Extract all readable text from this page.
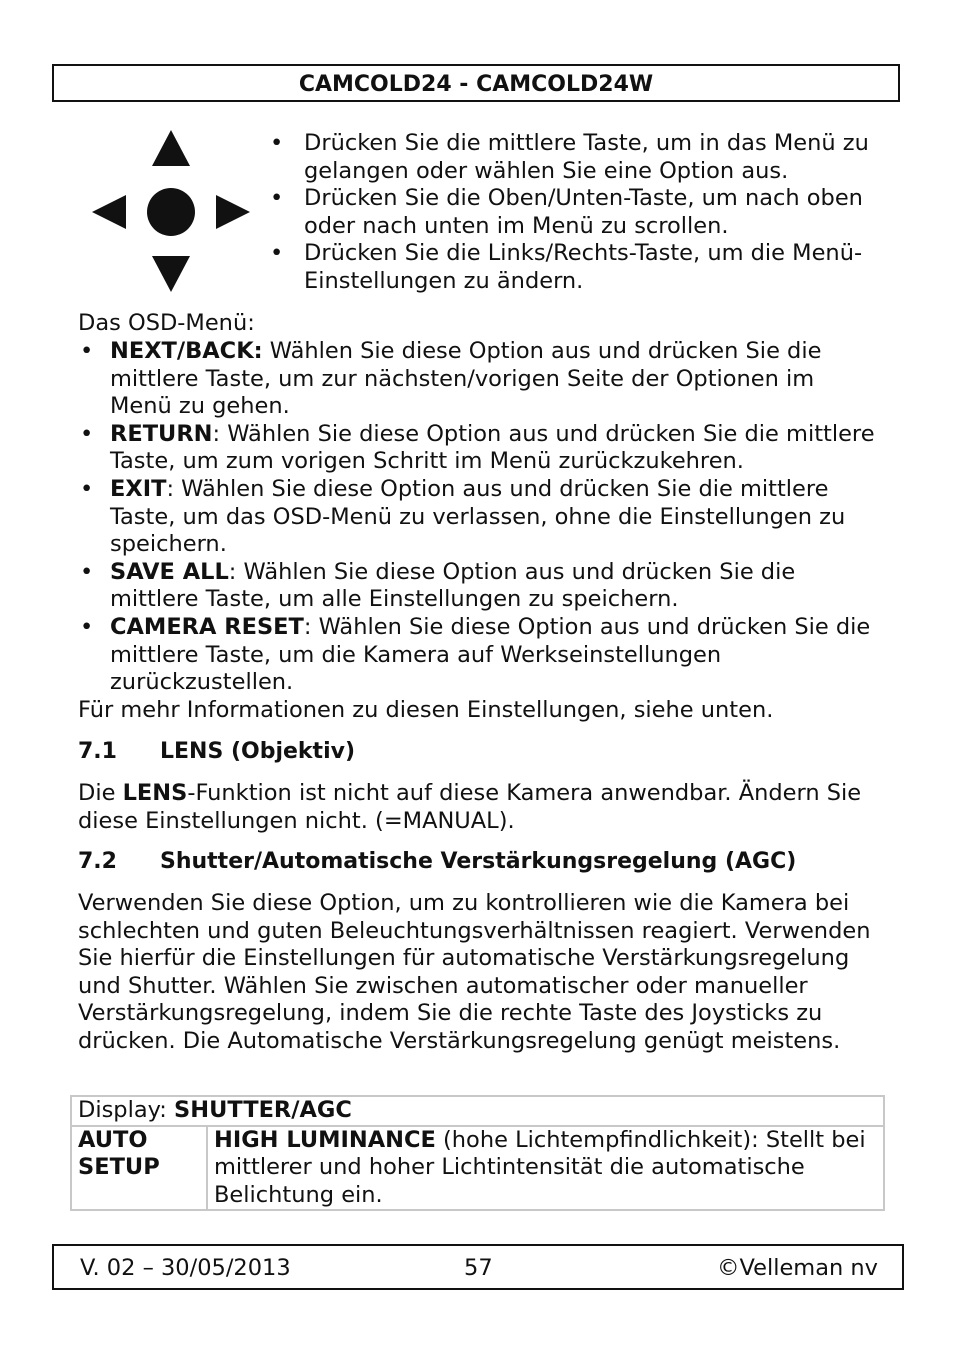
CAMCOLD24 - CAMCOLD24W
• Drücken Sie die mittlere Taste, um in das Menü zu gelangen oder wählen Sie eine Option aus.
• Drücken Sie die Oben/Unten-Taste, um nach oben oder nach unten im Menü zu scrollen.
• Drücken Sie die Links/Rechts-Taste, um die Menü-Einstellungen zu ändern.

Das OSD-Menü:

• NEXT/BACK: Wählen Sie diese Option aus und drücken Sie die mittlere Taste, um zur nächsten/vorigen Seite der Optionen im Menü zu gehen.
• RETURN: Wählen Sie diese Option aus und drücken Sie die mittlere Taste, um zum vorigen Schritt im Menü zurückzukehren.
• EXIT: Wählen Sie diese Option aus und drücken Sie die mittlere Taste, um das OSD-Menü zu verlassen, ohne die Einstellungen zu speichern.
• SAVE ALL: Wählen Sie diese Option aus und drücken Sie die mittlere Taste, um alle Einstellungen zu speichern.
• CAMERA RESET: Wählen Sie diese Option aus und drücken Sie die mittlere Taste, um die Kamera auf Werkseinstellungen zurückzustellen.

Für mehr Informationen zu diesen Einstellungen, siehe unten.

7.1 LENS (Objektiv)

Die LENS-Funktion ist nicht auf diese Kamera anwendbar. Ändern Sie diese Einstellungen nicht. (=MANUAL).

7.2 Shutter/Automatische Verstärkungsregelung (AGC)

Verwenden Sie diese Option, um zu kontrollieren wie die Kamera bei schlechten und guten Beleuchtungsverhältnissen reagiert. Verwenden Sie hierfür die Einstellungen für automatische Verstärkungsregelung und Shutter. Wählen Sie zwischen automatischer oder manueller Verstärkungsregelung, indem Sie die rechte Taste des Joysticks zu drücken. Die Automatische Verstärkungsregelung genügt meistens.

Display: SHUTTER/AGC
AUTO SETUP	HIGH LUMINANCE (hohe Lichtempfindlichkeit): Stellt bei mittlerer und hoher Lichtintensität die automatische Belichtung ein.
V. 02 – 30/05/2013	57	©Velleman nv
